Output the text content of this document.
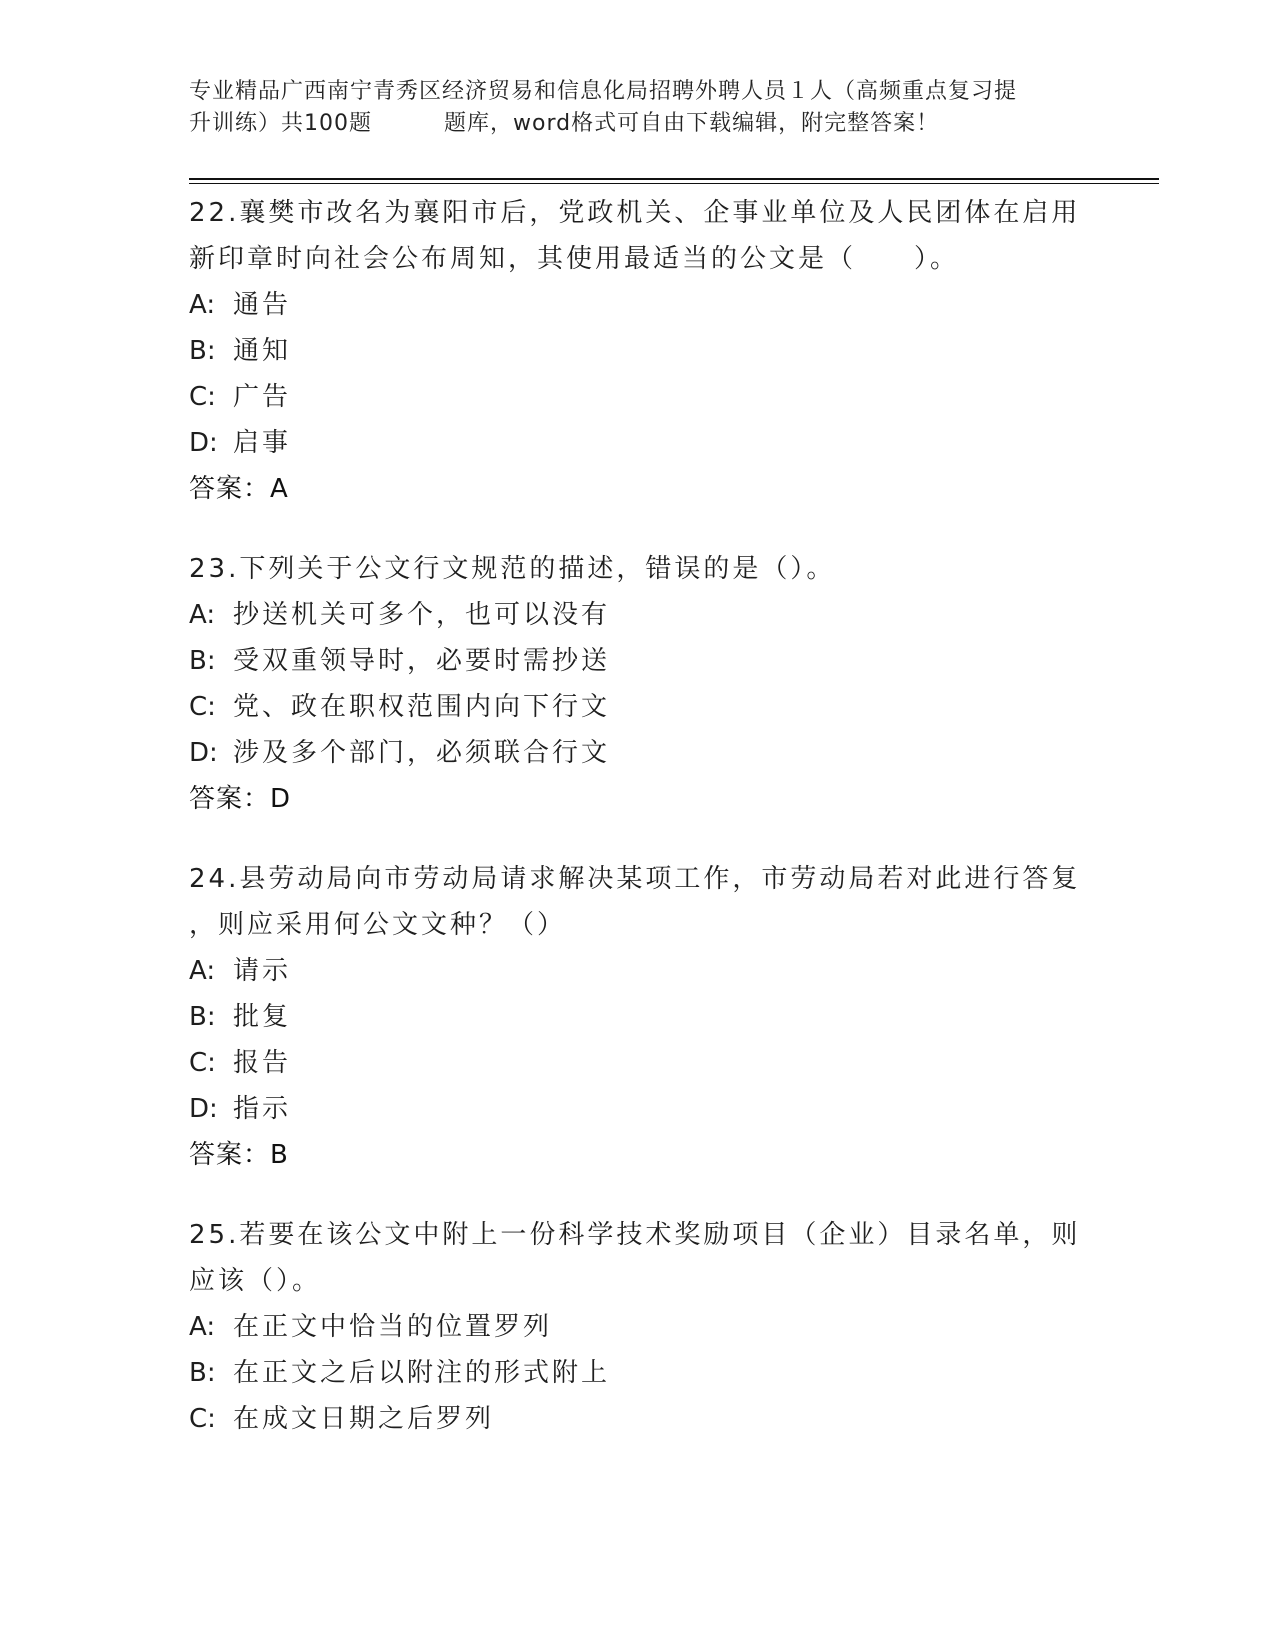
专业精品广西南宁青秀区经济贸易和信息化局招聘外聘人员１人（高频重点复习提
升训练）共100题	题库，word格式可自由下载编辑，附完整答案！
22.襄樊市改名为襄阳市后，党政机关、企事业单位及人民团体在启用
新印章时向社会公布周知，其使用最适当的公文是（　　）。
A: 通告
B: 通知
C: 广告
D: 启事
答案：A
23.下列关于公文行文规范的描述，错误的是（）。
A: 抄送机关可多个，也可以没有
B: 受双重领导时，必要时需抄送
C: 党、政在职权范围内向下行文
D: 涉及多个部门，必须联合行文
答案：D
24.县劳动局向市劳动局请求解决某项工作，市劳动局若对此进行答复
，则应采用何公文文种？（）
A: 请示
B: 批复
C: 报告
D: 指示
答案：B
25.若要在该公文中附上一份科学技术奖励项目（企业）目录名单，则
应该（）。
A: 在正文中恰当的位置罗列
B: 在正文之后以附注的形式附上
C: 在成文日期之后罗列
